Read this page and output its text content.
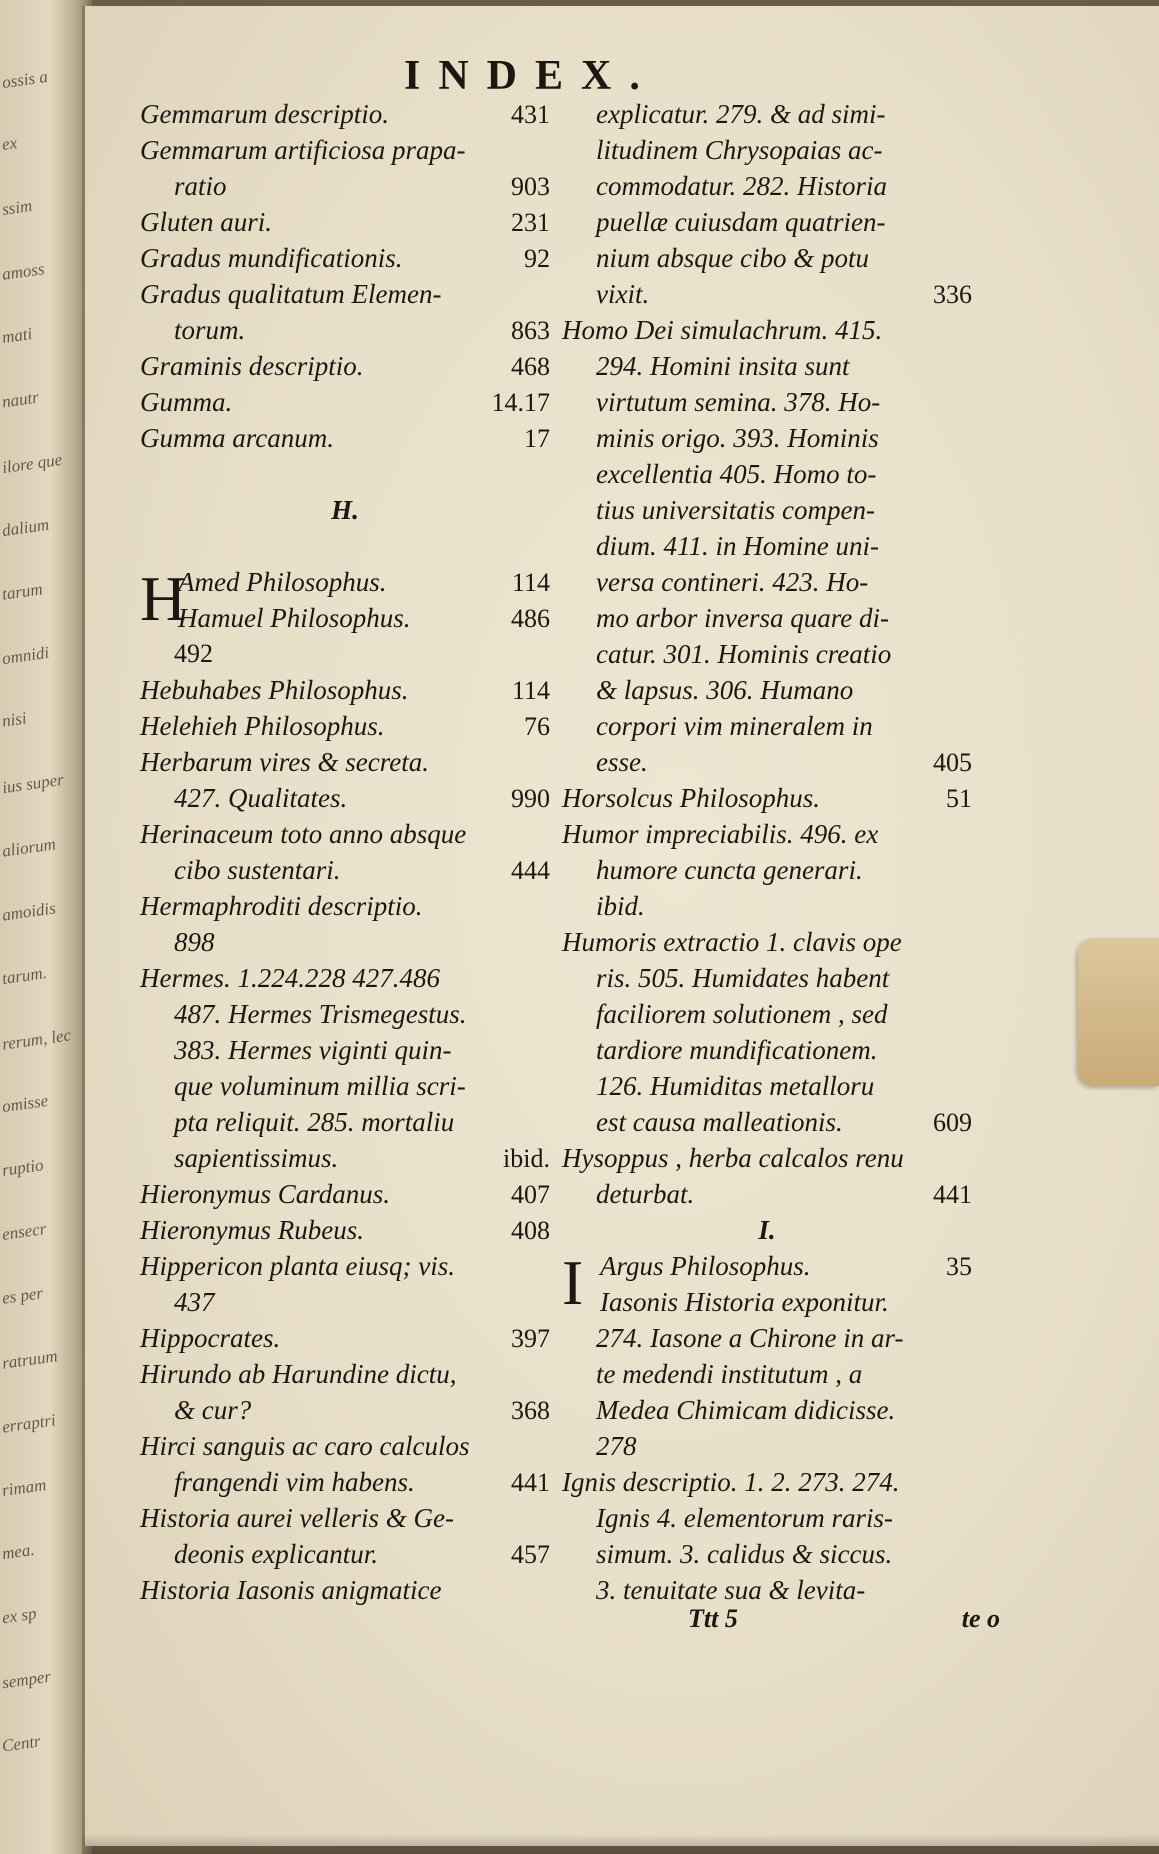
ossis a
ex
ssim
amoss
mati
nautr
ilore que
dalium
tarum
omnidi
nisi
ius super
aliorum
amoidis
tarum.
rerum, lec
omisse
ruptio
ensecr
es per
ratruum
erraptri
rimam
mea.
ex sp
semper
Centr
INDEX.
Gemmarum descriptio.	431
Gemmarum artificiosa prapa-
ratio	903
Gluten auri.	231
Gradus mundificationis.	92
Gradus qualitatum Elemen-
torum.	863
Graminis descriptio.	468
Gumma.	14.17
Gumma arcanum.	17
H.
H
Amed Philosophus.	114
Hamuel Philosophus.	486
492
Hebuhabes Philosophus.	114
Helehieh Philosophus.	76
Herbarum vires & secreta.
427. Qualitates.	990
Herinaceum toto anno absque
cibo sustentari.	444
Hermaphroditi descriptio.
898
Hermes. 1.224.228 427.486
487. Hermes Trismegestus.
383. Hermes viginti quin-
que voluminum millia scri-
pta reliquit. 285. mortaliu
sapientissimus.	ibid.
Hieronymus Cardanus.	407
Hieronymus Rubeus.	408
Hippericon planta eiusq; vis.
437
Hippocrates.	397
Hirundo ab Harundine dictu,
& cur?	368
Hirci sanguis ac caro calculos
frangendi vim habens.	441
Historia aurei velleris & Ge-
deonis explicantur.	457
Historia Iasonis anigmatice
explicatur. 279. & ad simi-
litudinem Chrysopaias ac-
commodatur. 282. Historia
puellæ cuiusdam quatrien-
nium absque cibo & potu
vixit.	336
Homo Dei simulachrum. 415.
294. Homini insita sunt
virtutum semina. 378. Ho-
minis origo. 393. Hominis
excellentia 405. Homo to-
tius universitatis compen-
dium. 411. in Homine uni-
versa contineri. 423. Ho-
mo arbor inversa quare di-
catur. 301. Hominis creatio
& lapsus. 306. Humano
corpori vim mineralem in
esse.	405
Horsolcus Philosophus.	51
Humor impreciabilis. 496. ex
humore cuncta generari.
ibid.
Humoris extractio 1. clavis ope
ris. 505. Humidates habent
faciliorem solutionem , sed
tardiore mundificationem.
126. Humiditas metalloru
est causa malleationis.	609
Hysoppus , herba calcalos renu
deturbat.	441
I.
I Argus Philosophus.	35
Iasonis Historia exponitur.
274. Iasone a Chirone in ar-
te medendi institutum , a
Medea Chimicam didicisse.
278
Ignis descriptio. 1. 2. 273. 274.
Ignis 4. elementorum raris-
simum. 3. calidus & siccus.
3. tenuitate sua & levita-
Ttt 5	te o
